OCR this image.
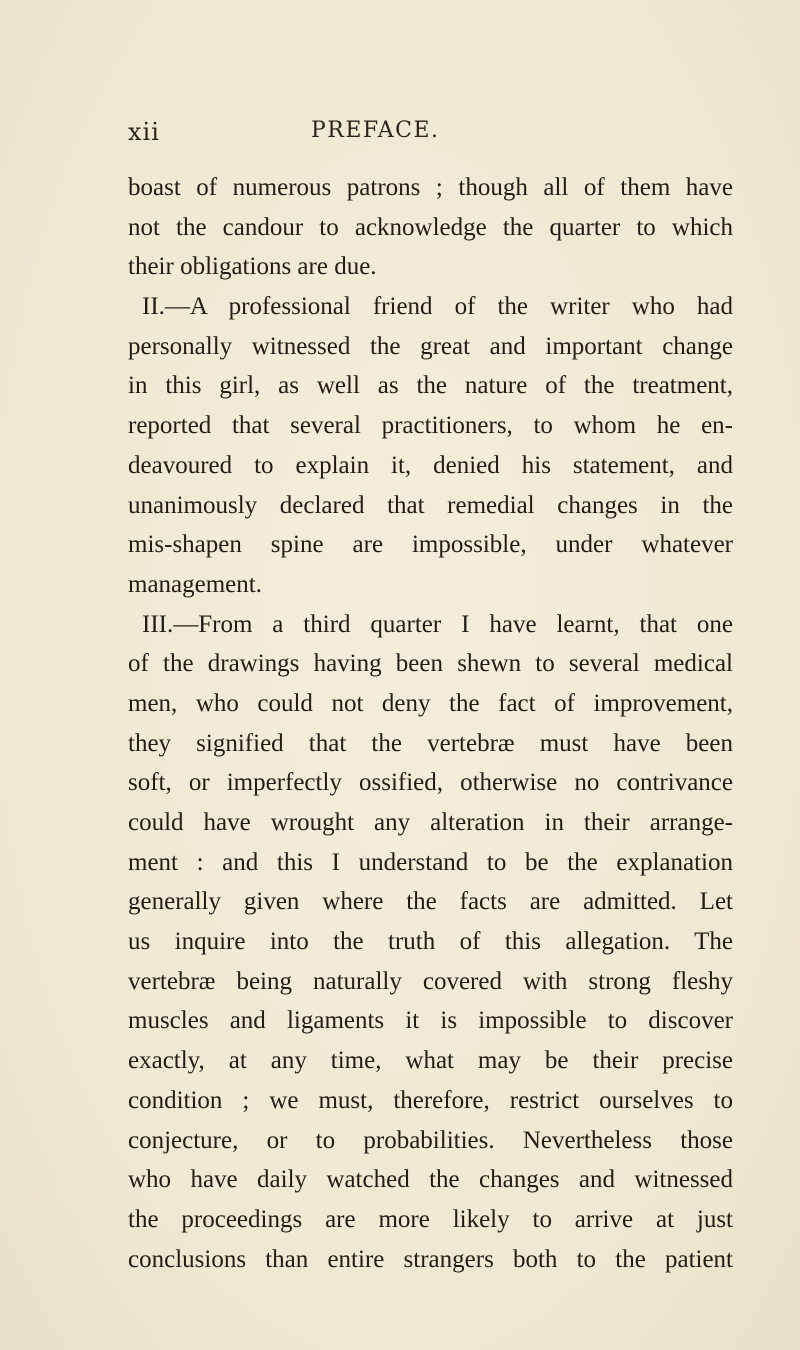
xii	PREFACE.
boast of numerous patrons ; though all of them have
not the candour to acknowledge the quarter to which
their obligations are due.
II.—A professional friend of the writer who had
personally witnessed the great and important change
in this girl, as well as the nature of the treatment,
reported that several practitioners, to whom he en-
deavoured to explain it, denied his statement, and
unanimously declared that remedial changes in the
mis-shapen spine are impossible, under whatever
management.
III.—From a third quarter I have learnt, that one
of the drawings having been shewn to several medical
men, who could not deny the fact of improvement,
they signified that the vertebræ must have been
soft, or imperfectly ossified, otherwise no contrivance
could have wrought any alteration in their arrange-
ment : and this I understand to be the explanation
generally given where the facts are admitted. Let
us inquire into the truth of this allegation. The
vertebræ being naturally covered with strong fleshy
muscles and ligaments it is impossible to discover
exactly, at any time, what may be their precise
condition ; we must, therefore, restrict ourselves to
conjecture, or to probabilities. Nevertheless those
who have daily watched the changes and witnessed
the proceedings are more likely to arrive at just
conclusions than entire strangers both to the patient
